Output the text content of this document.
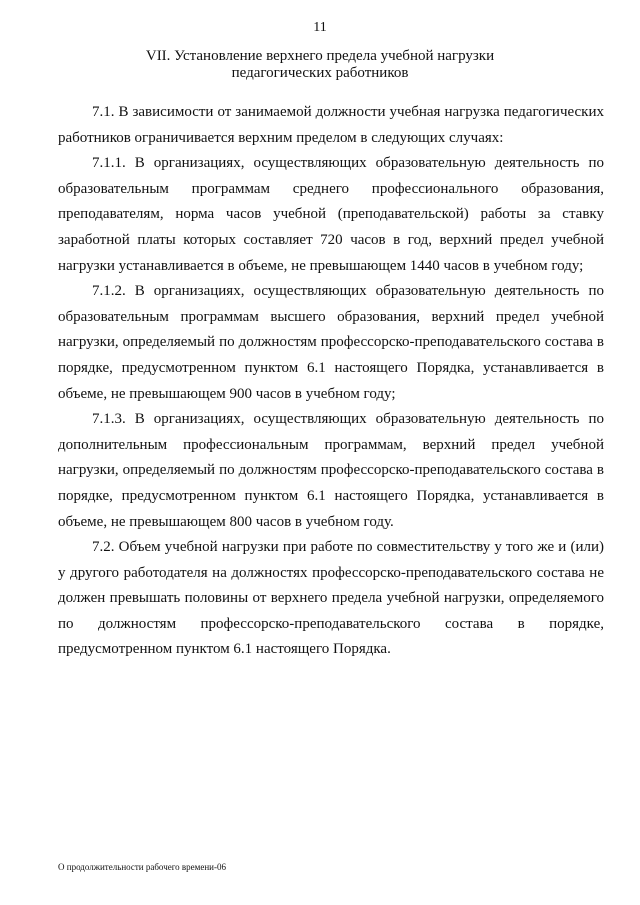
11
VII. Установление верхнего предела учебной нагрузки
педагогических работников

7.1. В зависимости от занимаемой должности учебная нагрузка педагогических работников ограничивается верхним пределом в следующих случаях:

7.1.1. В организациях, осуществляющих образовательную деятельность по образовательным программам среднего профессионального образования, преподавателям, норма часов учебной (преподавательской) работы за ставку заработной платы которых составляет 720 часов в год, верхний предел учебной нагрузки устанавливается в объеме, не превышающем 1440 часов в учебном году;

7.1.2. В организациях, осуществляющих образовательную деятельность по образовательным программам высшего образования, верхний предел учебной нагрузки, определяемый по должностям профессорско-преподавательского состава в порядке, предусмотренном пунктом 6.1 настоящего Порядка, устанавливается в объеме, не превышающем 900 часов в учебном году;

7.1.3. В организациях, осуществляющих образовательную деятельность по дополнительным профессиональным программам, верхний предел учебной нагрузки, определяемый по должностям профессорско-преподавательского состава в порядке, предусмотренном пунктом 6.1 настоящего Порядка, устанавливается в объеме, не превышающем 800 часов в учебном году.

7.2. Объем учебной нагрузки при работе по совместительству у того же и (или) у другого работодателя на должностях профессорско-преподавательского состава не должен превышать половины от верхнего предела учебной нагрузки, определяемого по должностям профессорско-преподавательского состава в порядке, предусмотренном пунктом 6.1 настоящего Порядка.

О продолжительности рабочего времени-06
